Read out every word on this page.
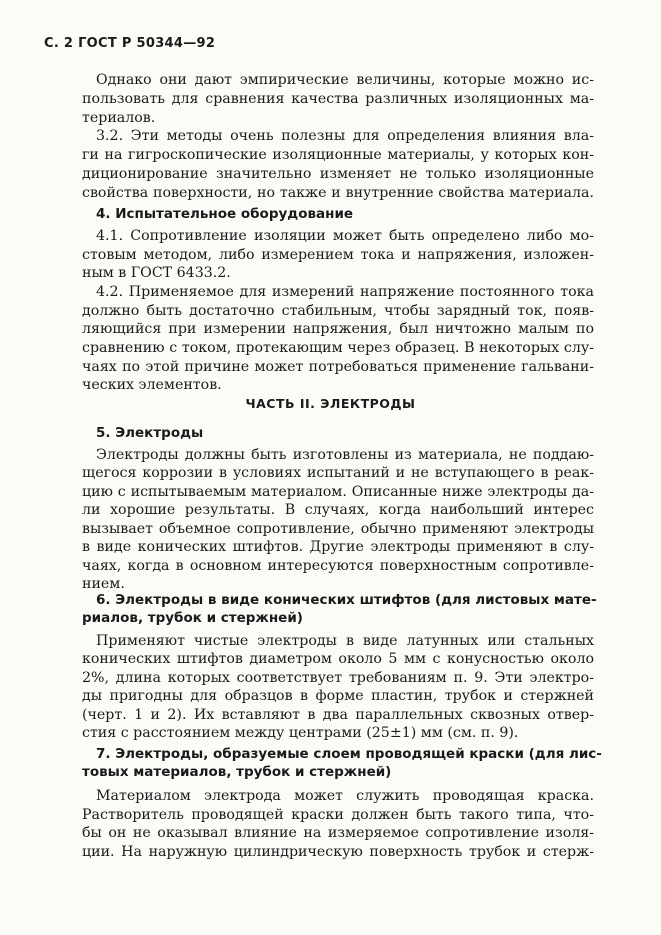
С. 2 ГОСТ Р 50344—92
Однако они дают эмпирические величины, которые можно ис-
пользовать для сравнения качества различных изоляционных ма-
териалов.
3.2. Эти методы очень полезны для определения влияния вла-
ги на гигроскопические изоляционные материалы, у которых кон-
диционирование значительно изменяет не только изоляционные
свойства поверхности, но также и внутренние свойства материала.
4. Испытательное оборудование
4.1. Сопротивление изоляции может быть определено либо мо-
стовым методом, либо измерением тока и напряжения, изложен-
ным в ГОСТ 6433.2.
4.2. Применяемое для измерений напряжение постоянного тока
должно быть достаточно стабильным, чтобы зарядный ток, появ-
ляющийся при измерении напряжения, был ничтожно малым по
сравнению с током, протекающим через образец. В некоторых слу-
чаях по этой причине может потребоваться применение гальвани-
ческих элементов.
ЧАСТЬ II. ЭЛЕКТРОДЫ
5. Электроды
Электроды должны быть изготовлены из материала, не поддаю-
щегося коррозии в условиях испытаний и не вступающего в реак-
цию с испытываемым материалом. Описанные ниже электроды да-
ли хорошие результаты. В случаях, когда наибольший интерес
вызывает объемное сопротивление, обычно применяют электроды
в виде конических штифтов. Другие электроды применяют в слу-
чаях, когда в основном интересуются поверхностным сопротивле-
нием.
6. Электроды в виде конических штифтов (для листовых мате-
риалов, трубок и стержней)
Применяют чистые электроды в виде латунных или стальных
конических штифтов диаметром около 5 мм с конусностью около
2%, длина которых соответствует требованиям п. 9. Эти электро-
ды пригодны для образцов в форме пластин, трубок и стержней
(черт. 1 и 2). Их вставляют в два параллельных сквозных отвер-
стия с расстоянием между центрами (25±1) мм (см. п. 9).
7. Электроды, образуемые слоем проводящей краски (для лис-
товых материалов, трубок и стержней)
Материалом электрода может служить проводящая краска.
Растворитель проводящей краски должен быть такого типа, что-
бы он не оказывал влияние на измеряемое сопротивление изоля-
ции. На наружную цилиндрическую поверхность трубок и стерж-
